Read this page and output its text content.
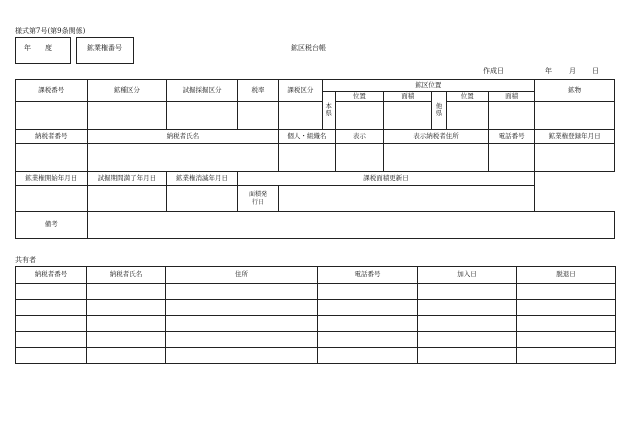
様式第7号(第9条関係)
年　　度	鉱業権番号	鉱区税台帳
作成日	年 月 日
課税番号	鉱種区分	試掘採掘区分	税率	課税区分	鉱区位置						鉱物
					本県	位置	面積	他県	位置	面積	

納税者番号	納税者氏名			個人・組織名		表示	表示納税者住所			電話番号	鉱業権登録年月日

鉱業権開始年月日	試掘期間満了年月日	鉱業権消滅年月日	課税面積更新日								
			面積発行日								
備考											
共有者
納税者番号	納税者氏名	住所	電話番号	加入日	脱退日
